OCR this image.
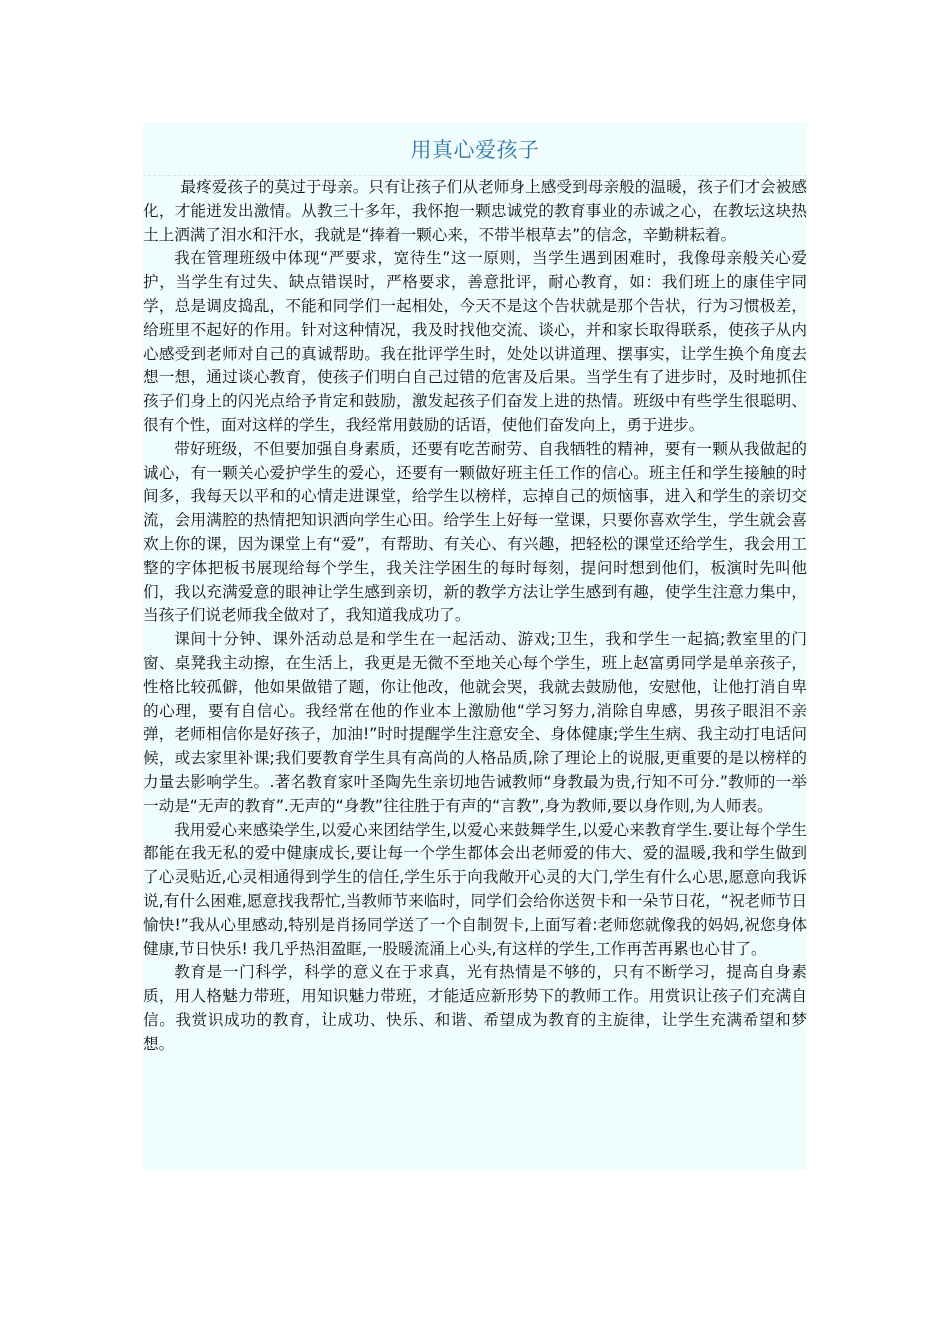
用真心爱孩子

最疼爱孩子的莫过于母亲。只有让孩子们从老师身上感受到母亲般的温暖，孩子们才会被感化，才能迸发出激情。从教三十多年，我怀抱一颗忠诚党的教育事业的赤诚之心，在教坛这块热土上洒满了泪水和汗水，我就是“捧着一颗心来，不带半根草去”的信念，辛勤耕耘着。

我在管理班级中体现“严要求，宽待生”这一原则，当学生遇到困难时，我像母亲般关心爱护，当学生有过失、缺点错误时，严格要求，善意批评，耐心教育，如：我们班上的康佳宇同学，总是调皮捣乱，不能和同学们一起相处，今天不是这个告状就是那个告状，行为习惯极差，给班里不起好的作用。针对这种情况，我及时找他交流、谈心，并和家长取得联系，使孩子从内心感受到老师对自己的真诚帮助。我在批评学生时，处处以讲道理、摆事实，让学生换个角度去想一想，通过谈心教育，使孩子们明白自己过错的危害及后果。当学生有了进步时，及时地抓住孩子们身上的闪光点给予肯定和鼓励，激发起孩子们奋发上进的热情。班级中有些学生很聪明、很有个性，面对这样的学生，我经常用鼓励的话语，使他们奋发向上，勇于进步。

带好班级，不但要加强自身素质，还要有吃苦耐劳、自我牺牲的精神，要有一颗从我做起的诚心，有一颗关心爱护学生的爱心，还要有一颗做好班主任工作的信心。班主任和学生接触的时间多，我每天以平和的心情走进课堂，给学生以榜样，忘掉自己的烦恼事，进入和学生的亲切交流，会用满腔的热情把知识洒向学生心田。给学生上好每一堂课，只要你喜欢学生，学生就会喜欢上你的课，因为课堂上有“爱”，有帮助、有关心、有兴趣，把轻松的课堂还给学生，我会用工整的字体把板书展现给每个学生，我关注学困生的每时每刻，提问时想到他们，板演时先叫他们，我以充满爱意的眼神让学生感到亲切，新的教学方法让学生感到有趣，使学生注意力集中，当孩子们说老师我全做对了，我知道我成功了。

课间十分钟、课外活动总是和学生在一起活动、游戏;卫生，我和学生一起搞;教室里的门窗、桌凳我主动擦，在生活上，我更是无微不至地关心每个学生，班上赵富勇同学是单亲孩子，性格比较孤僻，他如果做错了题，你让他改，他就会哭，我就去鼓励他，安慰他，让他打消自卑的心理，要有自信心。我经常在他的作业本上激励他“学习努力,消除自卑感，男孩子眼泪不亲弹，老师相信你是好孩子，加油!”时时提醒学生注意安全、身体健康;学生生病、我主动打电话问候，或去家里补课;我们要教育学生具有高尚的人格品质,除了理论上的说服,更重要的是以榜样的力量去影响学生。.著名教育家叶圣陶先生亲切地告诫教师“身教最为贵,行知不可分.”教师的一举一动是“无声的教育”.无声的“身教”往往胜于有声的“言教”,身为教师,要以身作则,为人师表。

我用爱心来感染学生,以爱心来团结学生,以爱心来鼓舞学生,以爱心来教育学生.要让每个学生都能在我无私的爱中健康成长,要让每一个学生都体会出老师爱的伟大、爱的温暖,我和学生做到了心灵贴近,心灵相通得到学生的信任,学生乐于向我敞开心灵的大门,学生有什么心思,愿意向我诉说,有什么困难,愿意找我帮忙,当教师节来临时，同学们会给你送贺卡和一朵节日花，“祝老师节日愉快!”我从心里感动,特别是肖扬同学送了一个自制贺卡,上面写着:老师您就像我的妈妈,祝您身体健康,节日快乐! 我几乎热泪盈眶,一股暖流涌上心头,有这样的学生,工作再苦再累也心甘了。

教育是一门科学，科学的意义在于求真，光有热情是不够的，只有不断学习，提高自身素质，用人格魅力带班，用知识魅力带班，才能适应新形势下的教师工作。用赏识让孩子们充满自信。我赏识成功的教育，让成功、快乐、和谐、希望成为教育的主旋律，让学生充满希望和梦想。
